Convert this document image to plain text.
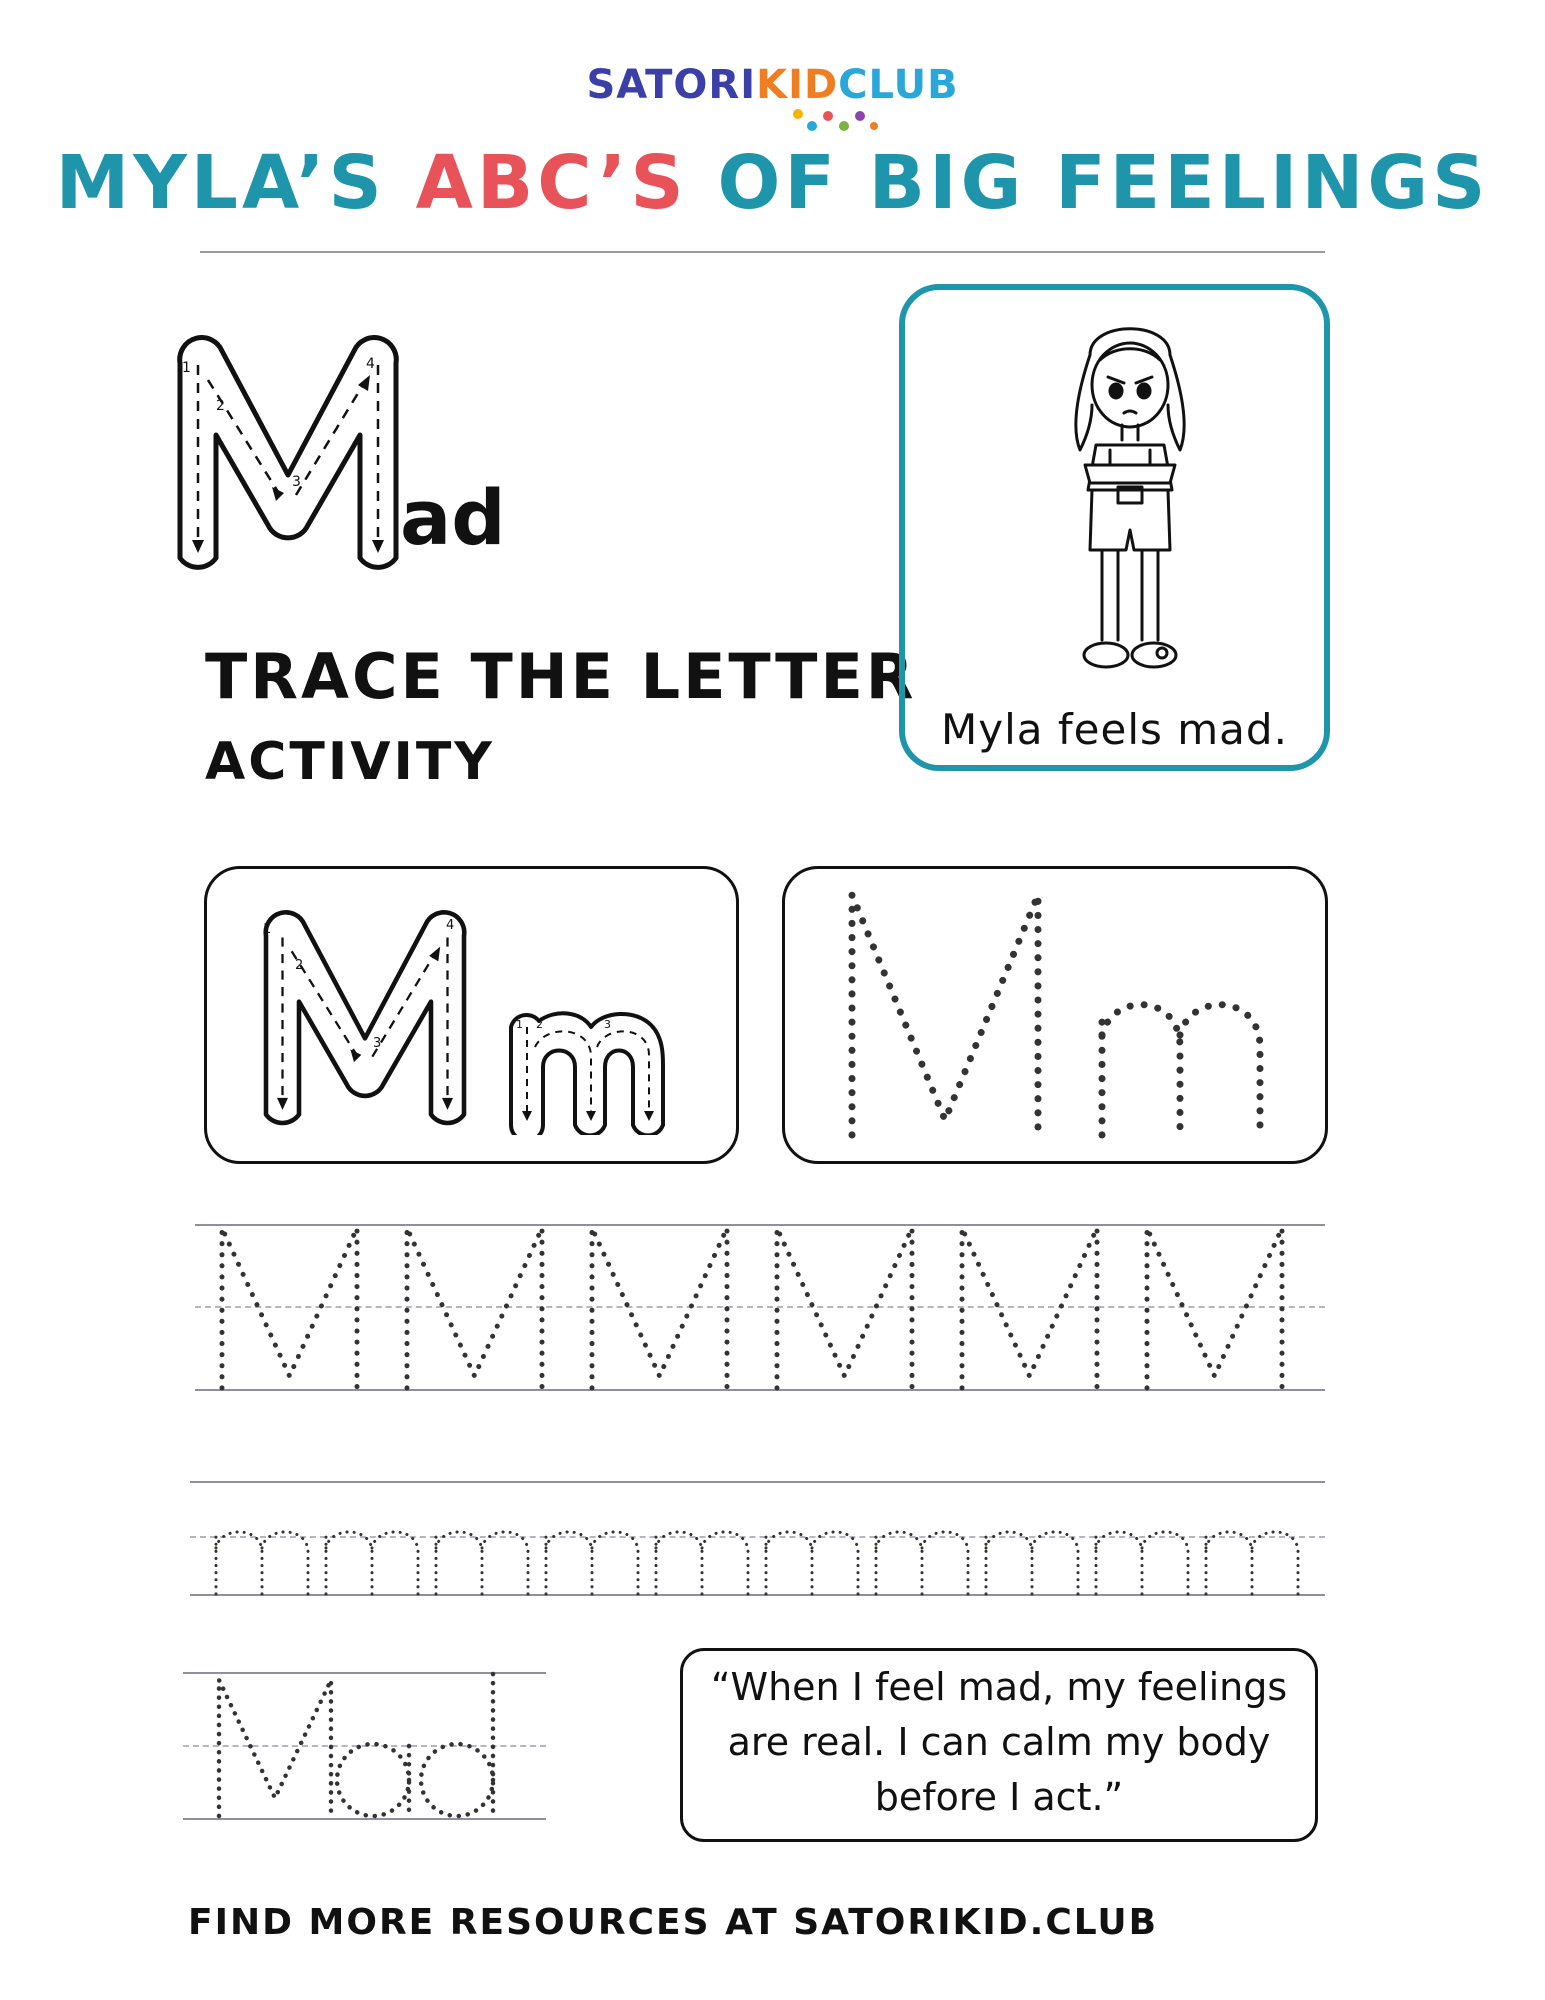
SATORIKIDCLUB
MYLA’S ABC’S OF BIG FEELINGS
1
2
3
4
ad
TRACE THE LETTER
ACTIVITY
Myla feels mad.
1
2
3
4
1 2	3
“When I feel mad, my feelings
are real. I can calm my body
before I act.”
FIND MORE RESOURCES AT SATORIKID.CLUB
